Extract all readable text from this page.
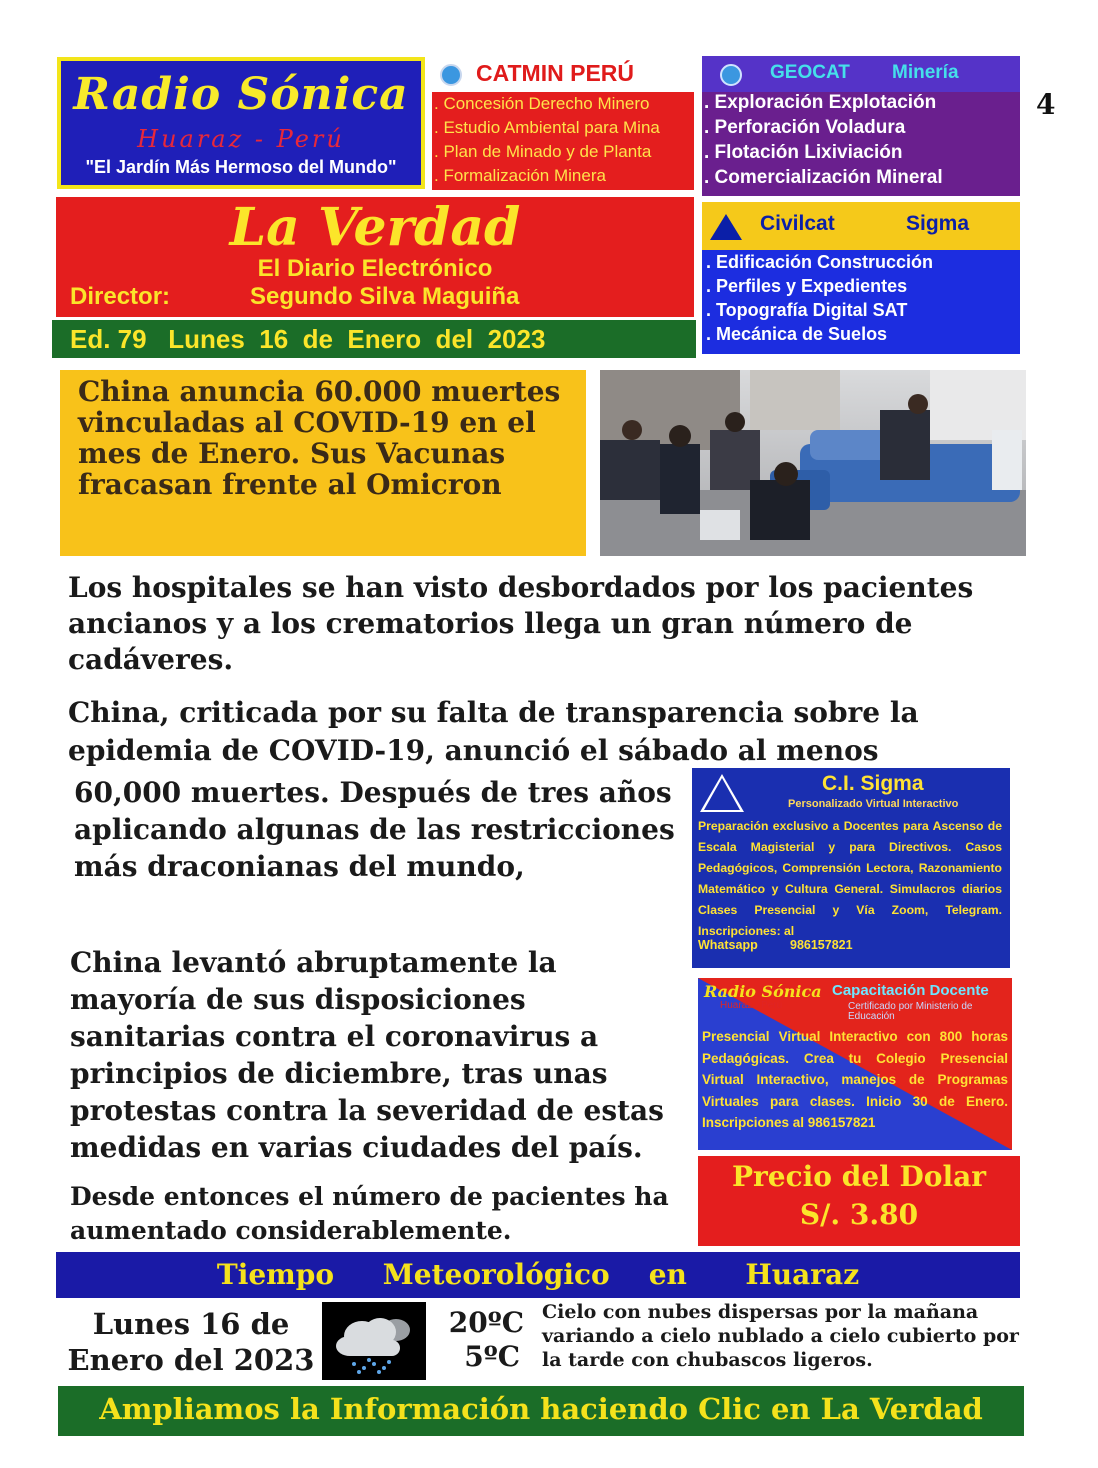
Radio Sónica
Huaraz - Perú
"El Jardín Más Hermoso del Mundo"
CATMIN PERÚ
. Concesión Derecho Minero
. Estudio Ambiental para Mina
. Plan de Minado y de Planta
. Formalización Minera
GEOCAT Minería
. Exploración Explotación
. Perforación Voladura
. Flotación Lixiviación
. Comercialización Mineral
4
La Verdad
El Diario Electrónico
Director:	Segundo Silva Maguiña
Ed. 79   Lunes  16  de  Enero  del  2023
Civilcat	Sigma
. Edificación Construcción
. Perfiles y Expedientes
. Topografía Digital SAT
. Mecánica de Suelos
China anuncia 60.000 muertes vinculadas al COVID-19 en el mes de Enero. Sus Vacunas fracasan frente al Omicron
Los hospitales se han visto desbordados por los pacientes ancianos y a los crematorios llega un gran número de cadáveres.
China, criticada por su falta de transparencia sobre la epidemia de COVID-19, anunció el sábado al menos
60,000 muertes. Después de tres años aplicando algunas de las restricciones más draconianas del mundo,
China levantó abruptamente la mayoría de sus disposiciones sanitarias contra el coronavirus a principios de diciembre, tras unas protestas contra la severidad de estas medidas en varias ciudades del país.
Desde entonces el número de pacientes ha aumentado considerablemente.
C.I. Sigma
Personalizado Virtual Interactivo
Preparación exclusivo a Docentes para Ascenso de Escala Magisterial y para Directivos. Casos Pedagógicos, Comprensión Lectora, Razonamiento Matemático y Cultura General. Simulacros diarios Clases Presencial y Vía Zoom, Telegram. Inscripciones: al
Whatsapp	986157821
Radio Sónica
Huaraz - Perú
Capacitación Docente
Certificado por Ministerio de Educación
Presencial Virtual Interactivo con 800 horas Pedagógicas. Crea tu Colegio Presencial Virtual Interactivo, manejos de Programas Virtuales para clases. Inicio 30 de Enero. Inscripciones al 986157821
Precio del Dolar
S/. 3.80
Tiempo     Meteorológico    en      Huaraz
Lunes 16 de Enero del 2023
20ºC
5ºC
Cielo con nubes dispersas por la mañana variando a cielo nublado a cielo cubierto por la tarde con chubascos ligeros.
Ampliamos la Información haciendo Clic en La Verdad
